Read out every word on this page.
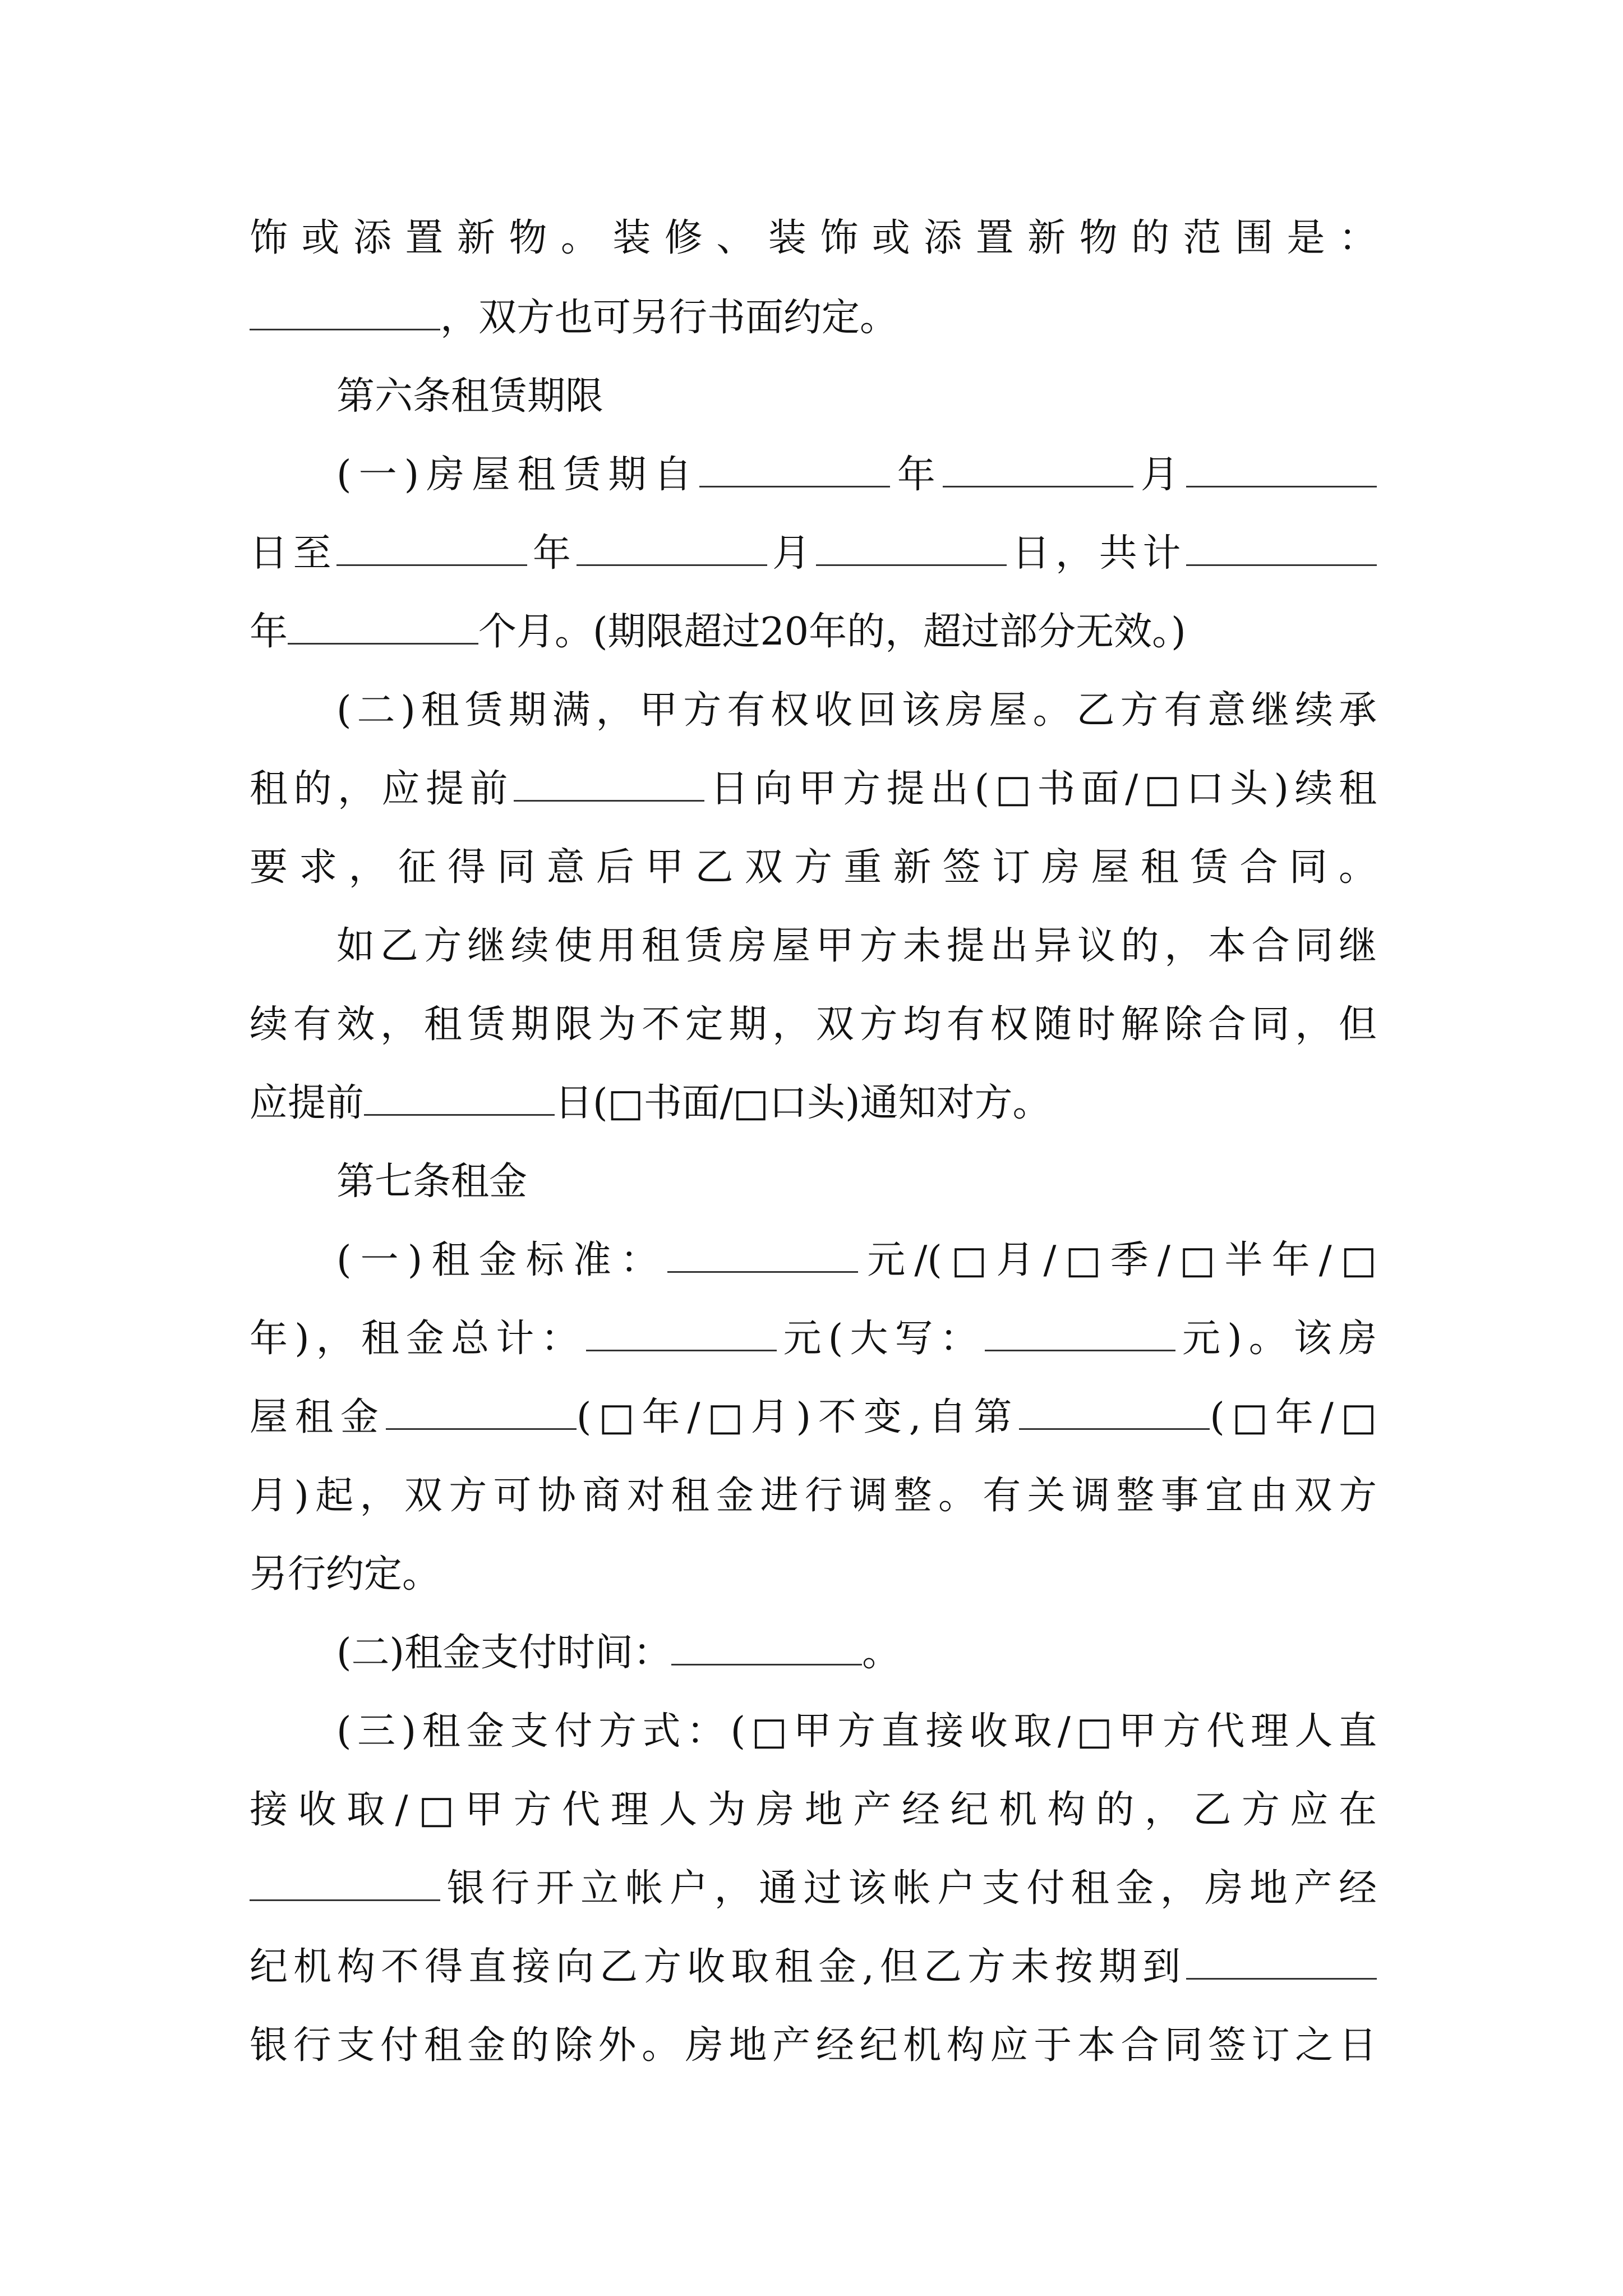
饰或添置新物。装修、装饰或添置新物的范围是：
，双方也可另行书面约定。
第六条租赁期限
(一)房屋租赁期自	年	月
日至	年	月	日，共计
年	个月。(期限超过20年的，超过部分无效。)
(二)租赁期满，甲方有权收回该房屋。乙方有意继续承
租的，应提前	日向甲方提出(□书面/□口头)续租
要求，征得同意后甲乙双方重新签订房屋租赁合同。
如乙方继续使用租赁房屋甲方未提出异议的，本合同继
续有效，租赁期限为不定期，双方均有权随时解除合同，但
应提前	日(□书面/□口头)通知对方。
第七条租金
(一)租金标准：	元/(□月/□季/□半年/□
年)，租金总计：	元(大写：	元)。该房
屋租金	(□年/□月)不变,自第	(□年/□
月)起，双方可协商对租金进行调整。有关调整事宜由双方
另行约定。
(二)租金支付时间：	。
(三)租金支付方式：(□甲方直接收取/□甲方代理人直
接收取/□甲方代理人为房地产经纪机构的，乙方应在
银行开立帐户，通过该帐户支付租金，房地产经
纪机构不得直接向乙方收取租金,但乙方未按期到
银行支付租金的除外。房地产经纪机构应于本合同签订之日
